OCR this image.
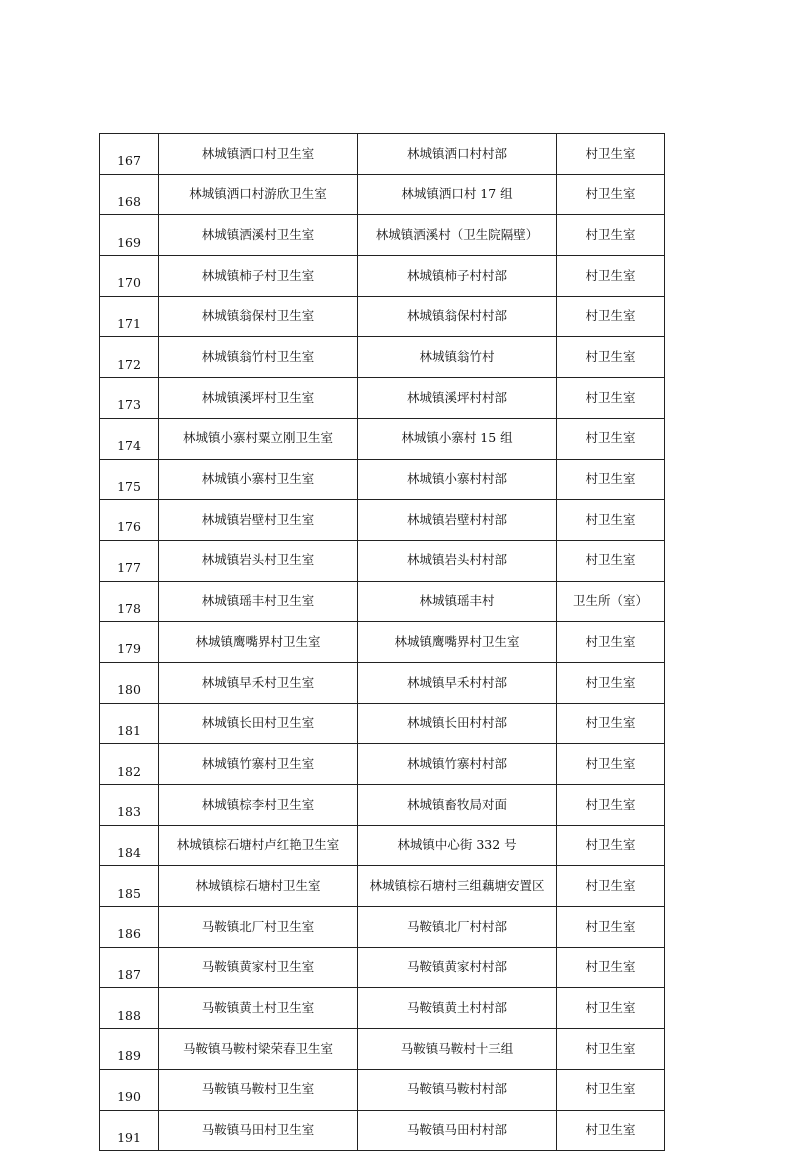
167	林城镇洒口村卫生室	林城镇洒口村村部	村卫生室
168	林城镇洒口村游欣卫生室	林城镇洒口村 17 组	村卫生室
169	林城镇洒溪村卫生室	林城镇洒溪村（卫生院隔壁）	村卫生室
170	林城镇柿子村卫生室	林城镇柿子村村部	村卫生室
171	林城镇翁保村卫生室	林城镇翁保村村部	村卫生室
172	林城镇翁竹村卫生室	林城镇翁竹村	村卫生室
173	林城镇溪坪村卫生室	林城镇溪坪村村部	村卫生室
174	林城镇小寨村粟立刚卫生室	林城镇小寨村 15 组	村卫生室
175	林城镇小寨村卫生室	林城镇小寨村村部	村卫生室
176	林城镇岩壁村卫生室	林城镇岩壁村村部	村卫生室
177	林城镇岩头村卫生室	林城镇岩头村村部	村卫生室
178	林城镇瑶丰村卫生室	林城镇瑶丰村	卫生所（室）
179	林城镇鹰嘴界村卫生室	林城镇鹰嘴界村卫生室	村卫生室
180	林城镇早禾村卫生室	林城镇早禾村村部	村卫生室
181	林城镇长田村卫生室	林城镇长田村村部	村卫生室
182	林城镇竹寨村卫生室	林城镇竹寨村村部	村卫生室
183	林城镇棕李村卫生室	林城镇畜牧局对面	村卫生室
184	林城镇棕石塘村卢红艳卫生室	林城镇中心街 332 号	村卫生室
185	林城镇棕石塘村卫生室	林城镇棕石塘村三组藕塘安置区	村卫生室
186	马鞍镇北厂村卫生室	马鞍镇北厂村村部	村卫生室
187	马鞍镇黄家村卫生室	马鞍镇黄家村村部	村卫生室
188	马鞍镇黄土村卫生室	马鞍镇黄土村村部	村卫生室
189	马鞍镇马鞍村梁荣春卫生室	马鞍镇马鞍村十三组	村卫生室
190	马鞍镇马鞍村卫生室	马鞍镇马鞍村村部	村卫生室
191	马鞍镇马田村卫生室	马鞍镇马田村村部	村卫生室
